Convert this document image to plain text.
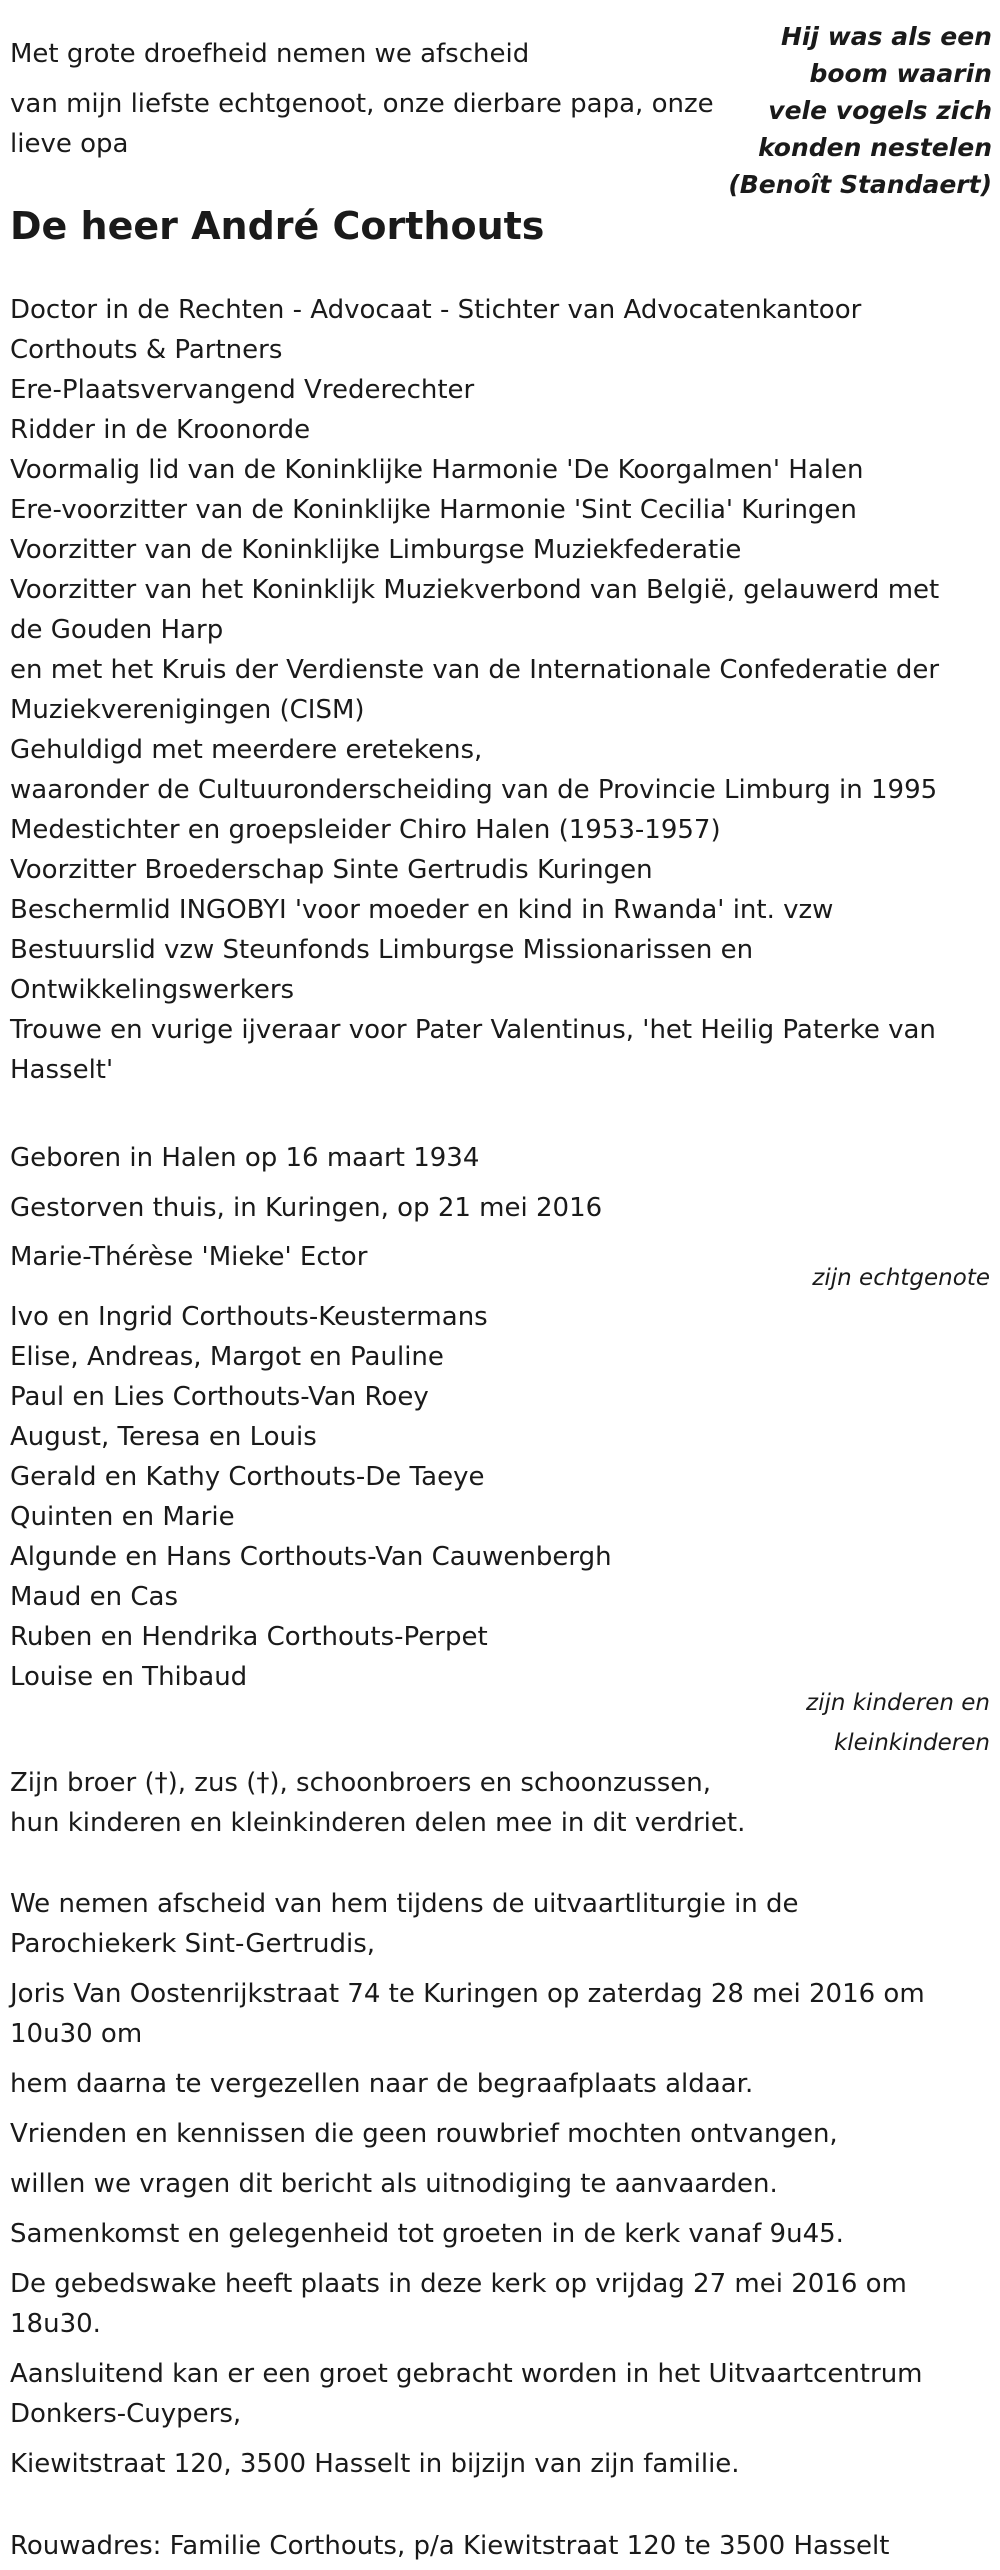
Met grote droefheid nemen we afscheid

van mijn liefste echtgenoot, onze dierbare papa, onze

lieve opa

Hij was als een
boom waarin
vele vogels zich
konden nestelen
(Benoît Standaert)
De heer André Corthouts
Doctor in de Rechten - Advocaat - Stichter van Advocatenkantoor
Corthouts & Partners
Ere-Plaatsvervangend Vrederechter
Ridder in de Kroonorde
Voormalig lid van de Koninklijke Harmonie 'De Koorgalmen' Halen
Ere-voorzitter van de Koninklijke Harmonie 'Sint Cecilia' Kuringen
Voorzitter van de Koninklijke Limburgse Muziekfederatie
Voorzitter van het Koninklijk Muziekverbond van België, gelauwerd met
de Gouden Harp
en met het Kruis der Verdienste van de Internationale Confederatie der
Muziekverenigingen (CISM)
Gehuldigd met meerdere eretekens,
waaronder de Cultuuronderscheiding van de Provincie Limburg in 1995
Medestichter en groepsleider Chiro Halen (1953-1957)
Voorzitter Broederschap Sinte Gertrudis Kuringen
Beschermlid INGOBYI 'voor moeder en kind in Rwanda' int. vzw
Bestuurslid vzw Steunfonds Limburgse Missionarissen en
Ontwikkelingswerkers
Trouwe en vurige ijveraar voor Pater Valentinus, 'het Heilig Paterke van
Hasselt'

Geboren in Halen op 16 maart 1934

Gestorven thuis, in Kuringen, op 21 mei 2016

Marie-Thérèse 'Mieke' Ector

zijn echtgenote
Ivo en Ingrid Corthouts-Keustermans
Elise, Andreas, Margot en Pauline
Paul en Lies Corthouts-Van Roey
August, Teresa en Louis
Gerald en Kathy Corthouts-De Taeye
Quinten en Marie
Algunde en Hans Corthouts-Van Cauwenbergh
Maud en Cas
Ruben en Hendrika Corthouts-Perpet
Louise en Thibaud
zijn kinderen en
kleinkinderen

Zijn broer (†), zus (†), schoonbroers en schoonzussen,

hun kinderen en kleinkinderen delen mee in dit verdriet.

We nemen afscheid van hem tijdens de uitvaartliturgie in de

Parochiekerk Sint-Gertrudis,

Joris Van Oostenrijkstraat 74 te Kuringen op zaterdag 28 mei 2016 om

10u30 om

hem daarna te vergezellen naar de begraafplaats aldaar.

Vrienden en kennissen die geen rouwbrief mochten ontvangen,

willen we vragen dit bericht als uitnodiging te aanvaarden.

Samenkomst en gelegenheid tot groeten in de kerk vanaf 9u45.

De gebedswake heeft plaats in deze kerk op vrijdag 27 mei 2016 om

18u30.

Aansluitend kan er een groet gebracht worden in het Uitvaartcentrum

Donkers-Cuypers,

Kiewitstraat 120, 3500 Hasselt in bijzijn van zijn familie.

Rouwadres: Familie Corthouts, p/a Kiewitstraat 120 te 3500 Hasselt
